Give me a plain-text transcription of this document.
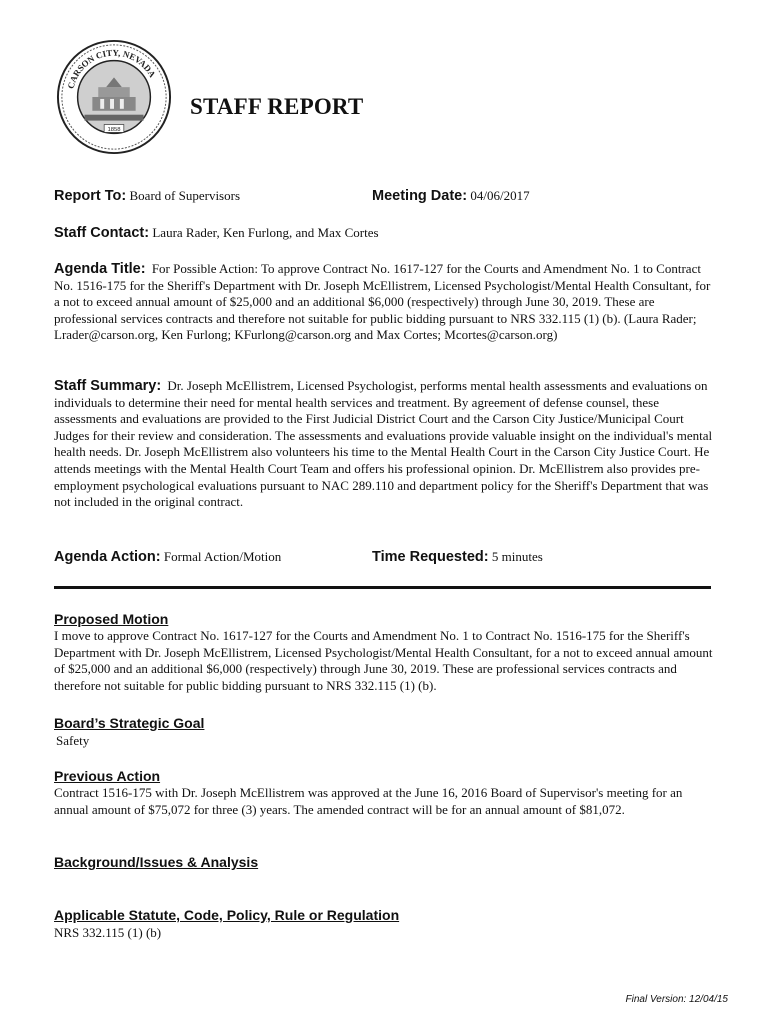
CARSON CITY, NEVADA
1858
STAFF REPORT
Report To: Board of Supervisors	Meeting Date: 04/06/2017
Staff Contact: Laura Rader, Ken Furlong, and Max Cortes
Agenda Title: For Possible Action: To approve Contract No. 1617-127 for the Courts and Amendment No. 1 to Contract No. 1516-175 for the Sheriff's Department with Dr. Joseph McEllistrem, Licensed Psychologist/Mental Health Consultant, for a not to exceed annual amount of $25,000 and an additional $6,000 (respectively) through June 30, 2019. These are professional services contracts and therefore not suitable for public bidding pursuant to NRS 332.115 (1) (b). (Laura Rader; Lrader@carson.org, Ken Furlong; KFurlong@carson.org and Max Cortes; Mcortes@carson.org)
Staff Summary: Dr. Joseph McEllistrem, Licensed Psychologist, performs mental health assessments and evaluations on individuals to determine their need for mental health services and treatment. By agreement of defense counsel, these assessments and evaluations are provided to the First Judicial District Court and the Carson City Justice/Municipal Court Judges for their review and consideration. The assessments and evaluations provide valuable insight on the individual's mental health needs. Dr. Joseph McEllistrem also volunteers his time to the Mental Health Court in the Carson City Justice Court. He attends meetings with the Mental Health Court Team and offers his professional opinion. Dr. McEllistrem also provides pre-employment psychological evaluations pursuant to NAC 289.110 and department policy for the Sheriff's Department that was not included in the original contract.
Agenda Action: Formal Action/Motion	Time Requested: 5 minutes
Proposed Motion
I move to approve Contract No. 1617-127 for the Courts and Amendment No. 1 to Contract No. 1516-175 for the Sheriff's Department with Dr. Joseph McEllistrem, Licensed Psychologist/Mental Health Consultant, for a not to exceed annual amount of $25,000 and an additional $6,000 (respectively) through June 30, 2019. These are professional services contracts and therefore not suitable for public bidding pursuant to NRS 332.115 (1) (b).
Board’s Strategic Goal
Safety
Previous Action
Contract 1516-175 with Dr. Joseph McEllistrem was approved at the June 16, 2016 Board of Supervisor's meeting for an annual amount of $75,072 for three (3) years. The amended contract will be for an annual amount of $81,072.
Background/Issues & Analysis
Applicable Statute, Code, Policy, Rule or Regulation
NRS 332.115 (1) (b)
Final Version: 12/04/15
